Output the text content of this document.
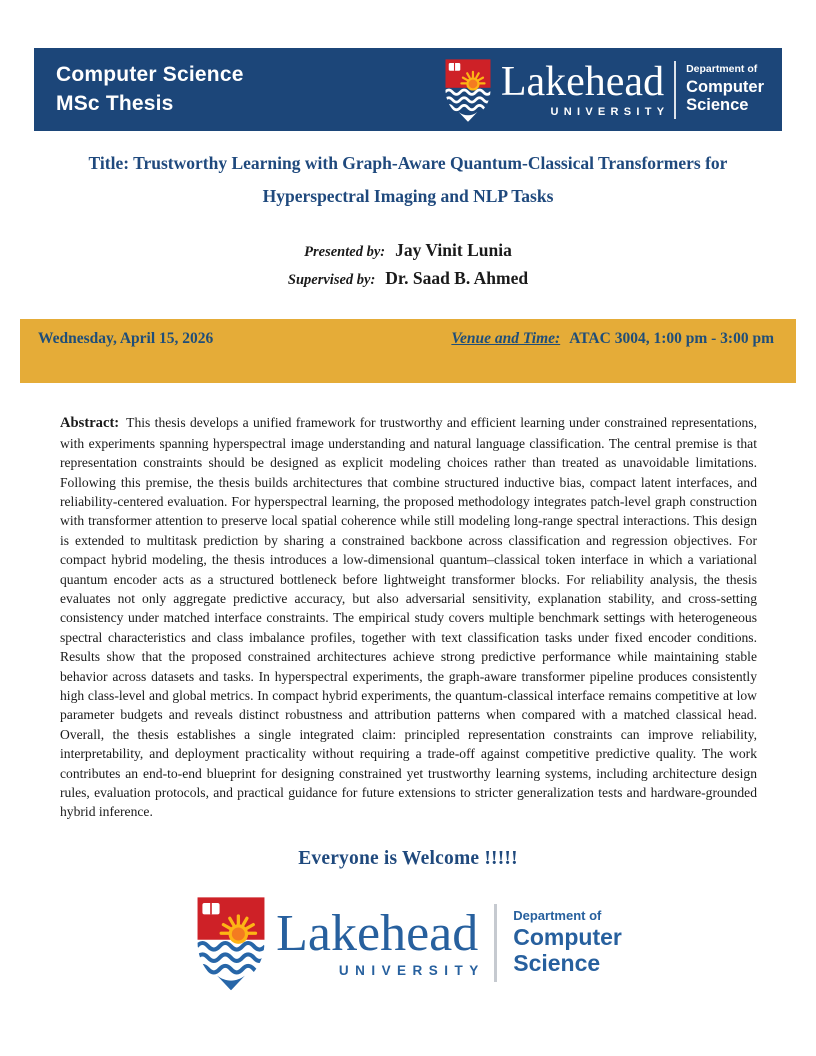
Computer Science
MSc Thesis	Lakehead
UNIVERSITY
Department of
Computer
Science
Title: Trustworthy Learning with Graph-Aware Quantum-Classical Transformers for Hyperspectral Imaging and NLP Tasks
Presented by: Jay Vinit Lunia
Supervised by: Dr. Saad B. Ahmed
Wednesday, April 15, 2026	Venue and Time: ATAC 3004, 1:00 pm - 3:00 pm

Abstract: This thesis develops a unified framework for trustworthy and efficient learning under constrained representations, with experiments spanning hyperspectral image understanding and natural language classification. The central premise is that representation constraints should be designed as explicit modeling choices rather than treated as unavoidable limitations. Following this premise, the thesis builds architectures that combine structured inductive bias, compact latent interfaces, and reliability-centered evaluation. For hyperspectral learning, the proposed methodology integrates patch-level graph construction with transformer attention to preserve local spatial coherence while still modeling long-range spectral interactions. This design is extended to multitask prediction by sharing a constrained backbone across classification and regression objectives. For compact hybrid modeling, the thesis introduces a low-dimensional quantum–classical token interface in which a variational quantum encoder acts as a structured bottleneck before lightweight transformer blocks. For reliability analysis, the thesis evaluates not only aggregate predictive accuracy, but also adversarial sensitivity, explanation stability, and cross-setting consistency under matched interface constraints. The empirical study covers multiple benchmark settings with heterogeneous spectral characteristics and class imbalance profiles, together with text classification tasks under fixed encoder conditions. Results show that the proposed constrained architectures achieve strong predictive performance while maintaining stable behavior across datasets and tasks. In hyperspectral experiments, the graph-aware transformer pipeline produces consistently high class-level and global metrics. In compact hybrid experiments, the quantum-classical interface remains competitive at low parameter budgets and reveals distinct robustness and attribution patterns when compared with a matched classical head. Overall, the thesis establishes a single integrated claim: principled representation constraints can improve reliability, interpretability, and deployment practicality without requiring a trade-off against competitive predictive quality. The work contributes an end-to-end blueprint for designing constrained yet trustworthy learning systems, including architecture design rules, evaluation protocols, and practical guidance for future extensions to stricter generalization tests and hardware-grounded hybrid inference.

Everyone is Welcome !!!!!
Lakehead
UNIVERSITY
Department of
Computer
Science
